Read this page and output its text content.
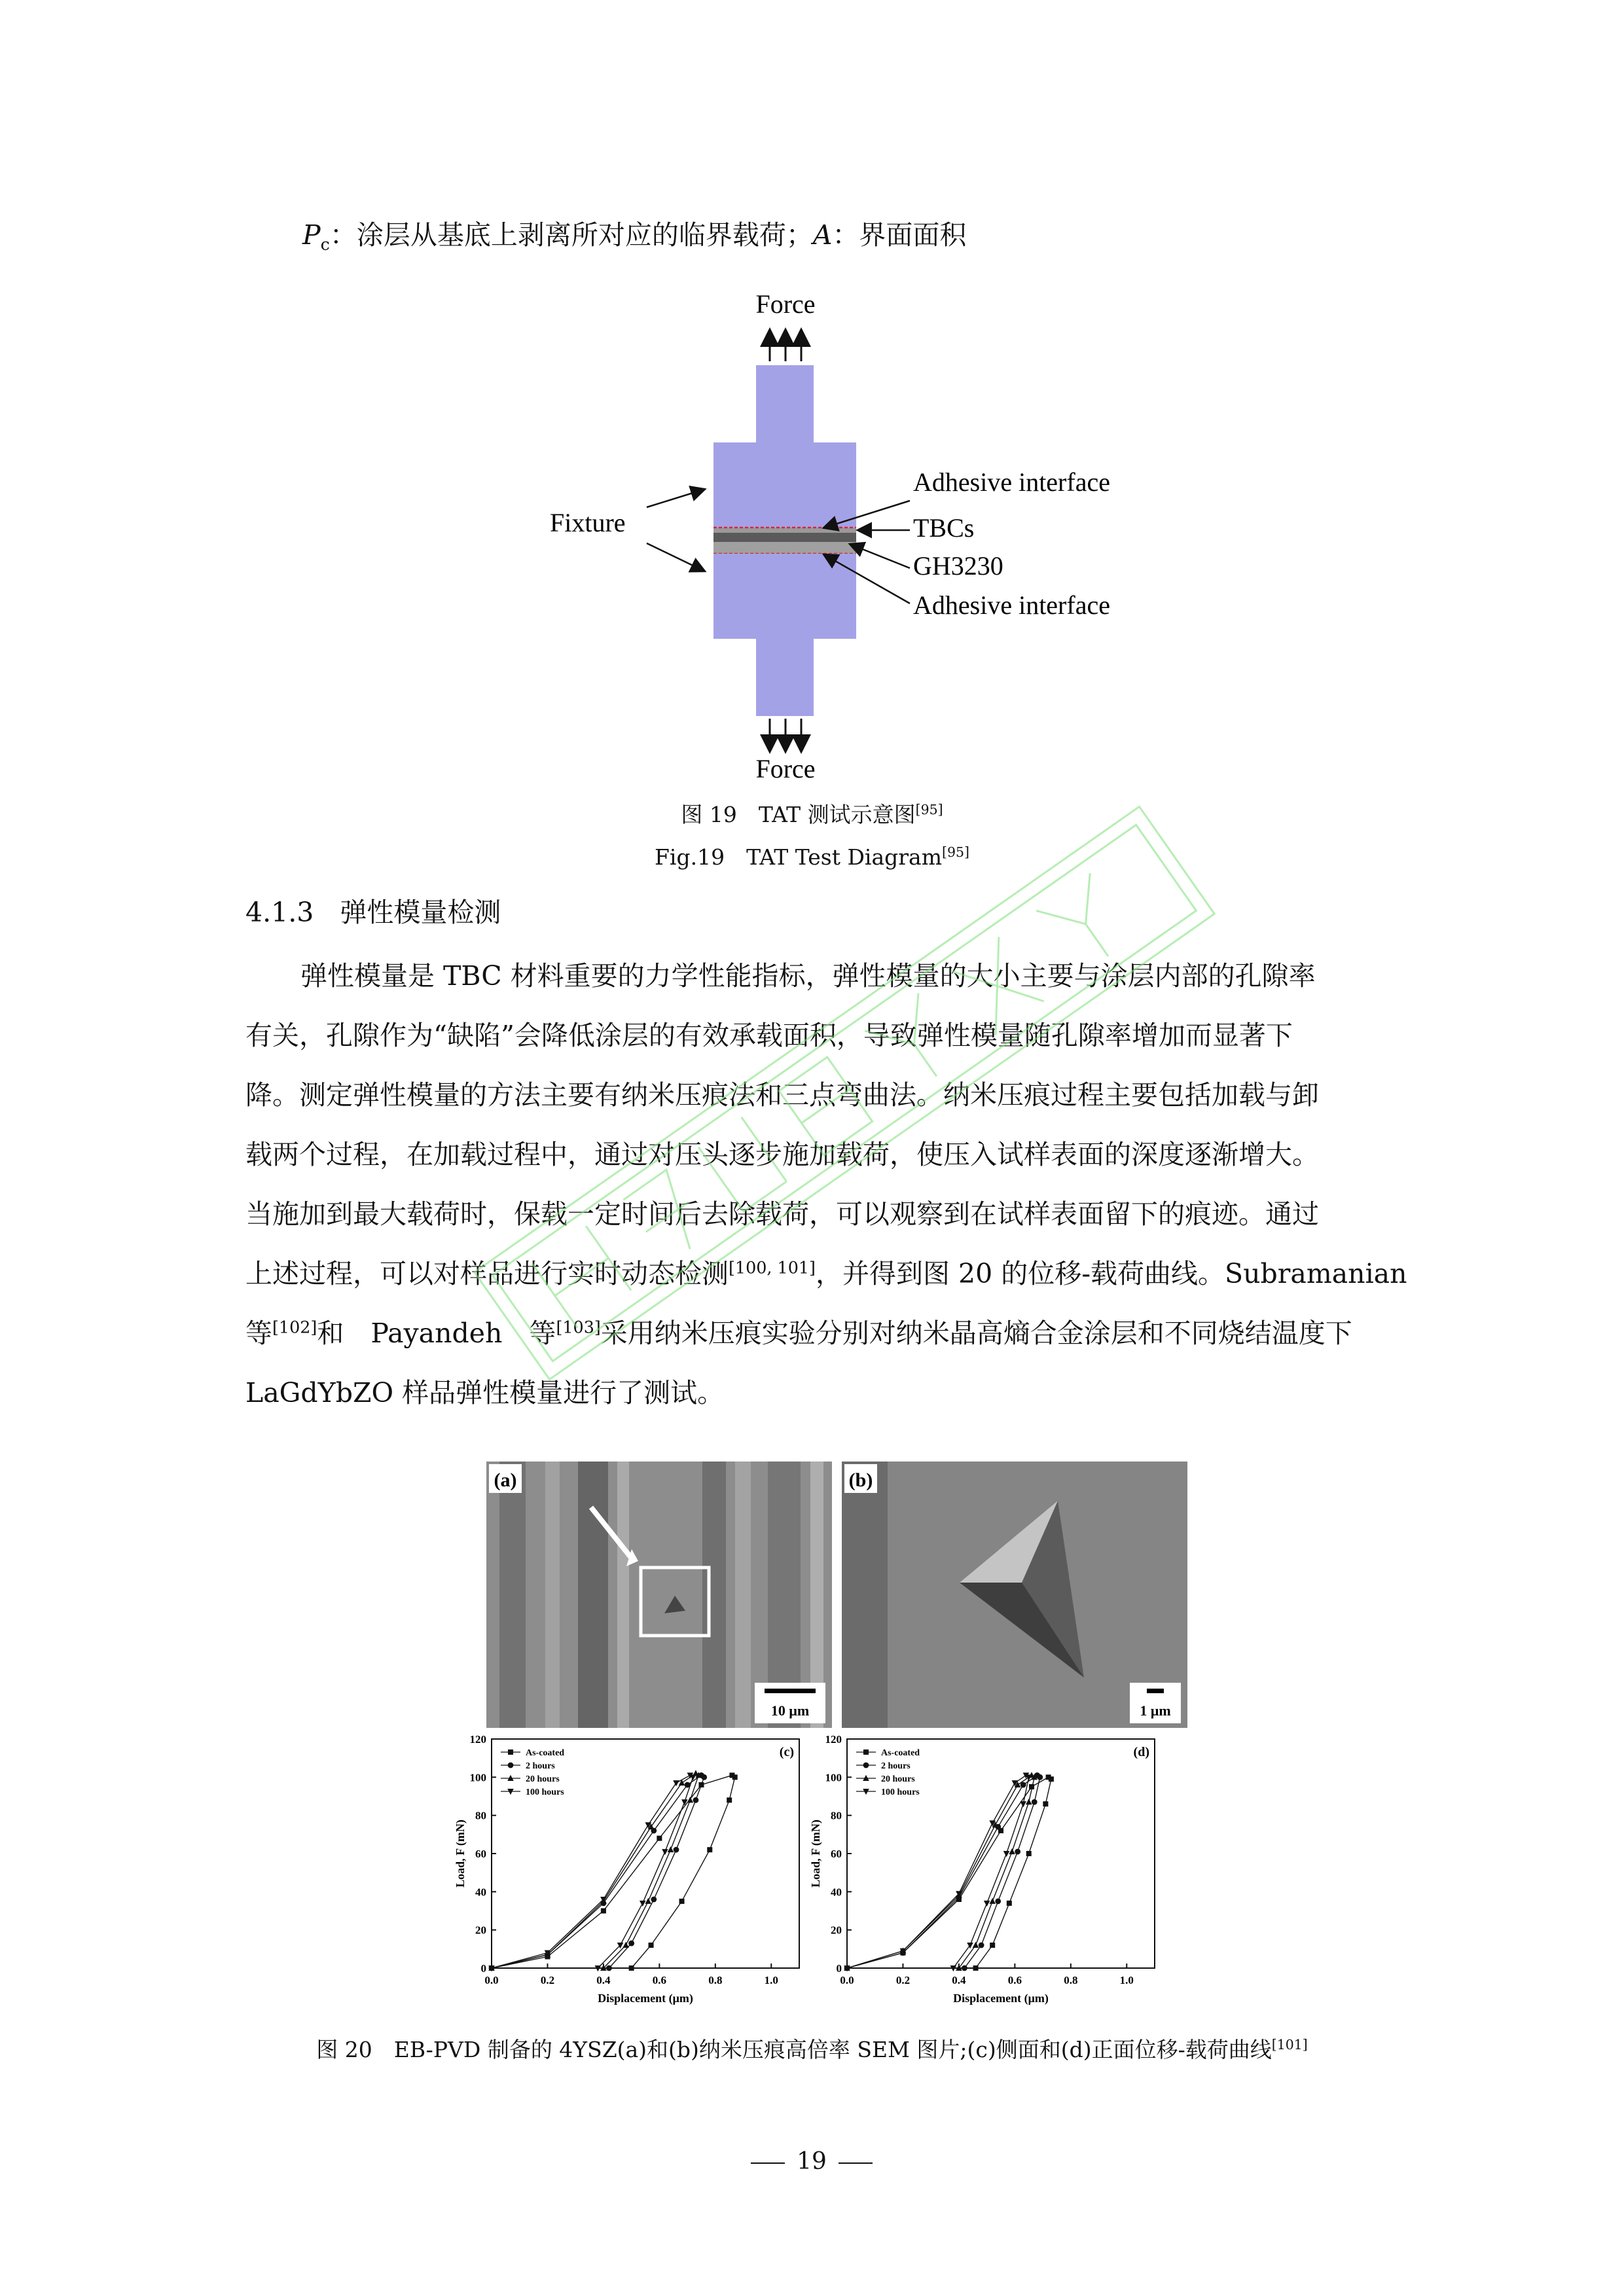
$P_c$：涂层从基底上剥离所对应的临界载荷；A：界面面积
Force
Force
Fixture
Adhesive interface
TBCs
GH3230
Adhesive interface
图 19　TAT 测试示意图[95]
Fig.19　TAT Test Diagram[95]
4.1.3 弹性模量检测
弹性模量是 TBC 材料重要的力学性能指标，弹性模量的大小主要与涂层内部的孔隙率
有关，孔隙作为“缺陷”会降低涂层的有效承载面积，导致弹性模量随孔隙率增加而显著下
降。测定弹性模量的方法主要有纳米压痕法和三点弯曲法。纳米压痕过程主要包括加载与卸
载两个过程，在加载过程中，通过对压头逐步施加载荷，使压入试样表面的深度逐渐增大。
当施加到最大载荷时，保载一定时间后去除载荷，可以观察到在试样表面留下的痕迹。通过
上述过程，可以对样品进行实时动态检测[100, 101]，并得到图 20 的位移-载荷曲线。Subramanian
等[102]和　Payandeh　等[103]采用纳米压痕实验分别对纳米晶高熵合金涂层和不同烧结温度下
LaGdYbZO 样品弹性模量进行了测试。
(a)
10 μm
(b)
1 μm
0.0	0.2	0.4	0.6	0.8	1.0
0
20
40
60
80
100
120
Displacement (μm)
Load, F (mN)
(c)
As-coated
2 hours
20 hours
100 hours
0.0	0.2	0.4	0.6	0.8	1.0
0
20
40
60
80
100
120
Displacement (μm)
Load, F (mN)
(d)
As-coated
2 hours
20 hours
100 hours
图 20　EB-PVD 制备的 4YSZ(a)和(b)纳米压痕高倍率 SEM 图片;(c)侧面和(d)正面位移-载荷曲线[101]
19
